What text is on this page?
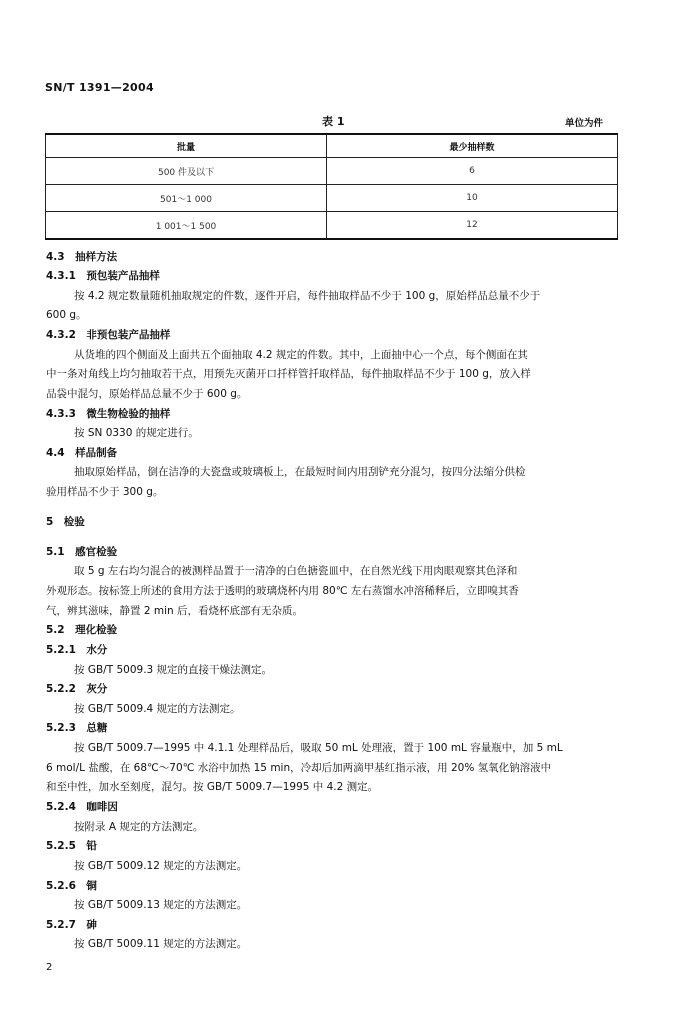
SN/T 1391—2004
表 1	单位为件
批量	最少抽样数
500 件及以下	6
501～1 000	10
1 001～1 500	12
4.3　抽样方法
4.3.1　预包装产品抽样
按 4.2 规定数量随机抽取规定的件数，逐件开启，每件抽取样品不少于 100 g，原始样品总量不少于
600 g。
4.3.2　非预包装产品抽样
从货堆的四个侧面及上面共五个面抽取 4.2 规定的件数。其中，上面抽中心一个点，每个侧面在其
中一条对角线上均匀抽取若干点，用预先灭菌开口扦样管扦取样品，每件抽取样品不少于 100 g，放入样
品袋中混匀，原始样品总量不少于 600 g。
4.3.3　微生物检验的抽样
按 SN 0330 的规定进行。
4.4　样品制备
抽取原始样品，倒在洁净的大瓷盘或玻璃板上，在最短时间内用刮铲充分混匀，按四分法缩分供检
验用样品不少于 300 g。
5　检验
5.1　感官检验
取 5 g 左右均匀混合的被测样品置于一清净的白色搪瓷皿中，在自然光线下用肉眼观察其色泽和
外观形态。按标签上所述的食用方法于透明的玻璃烧杯内用 80℃ 左右蒸馏水冲溶稀释后，立即嗅其香
气，辨其滋味，静置 2 min 后，看烧杯底部有无杂质。
5.2　理化检验
5.2.1　水分
按 GB/T 5009.3 规定的直接干燥法测定。
5.2.2　灰分
按 GB/T 5009.4 规定的方法测定。
5.2.3　总糖
按 GB/T 5009.7—1995 中 4.1.1 处理样品后，吸取 50 mL 处理液，置于 100 mL 容量瓶中，加 5 mL
6 mol/L 盐酸，在 68℃～70℃ 水浴中加热 15 min，冷却后加两滴甲基红指示液，用 20% 氢氧化钠溶液中
和至中性，加水至刻度，混匀。按 GB/T 5009.7—1995 中 4.2 测定。
5.2.4　咖啡因
按附录 A 规定的方法测定。
5.2.5　铅
按 GB/T 5009.12 规定的方法测定。
5.2.6　铜
按 GB/T 5009.13 规定的方法测定。
5.2.7　砷
按 GB/T 5009.11 规定的方法测定。
2
